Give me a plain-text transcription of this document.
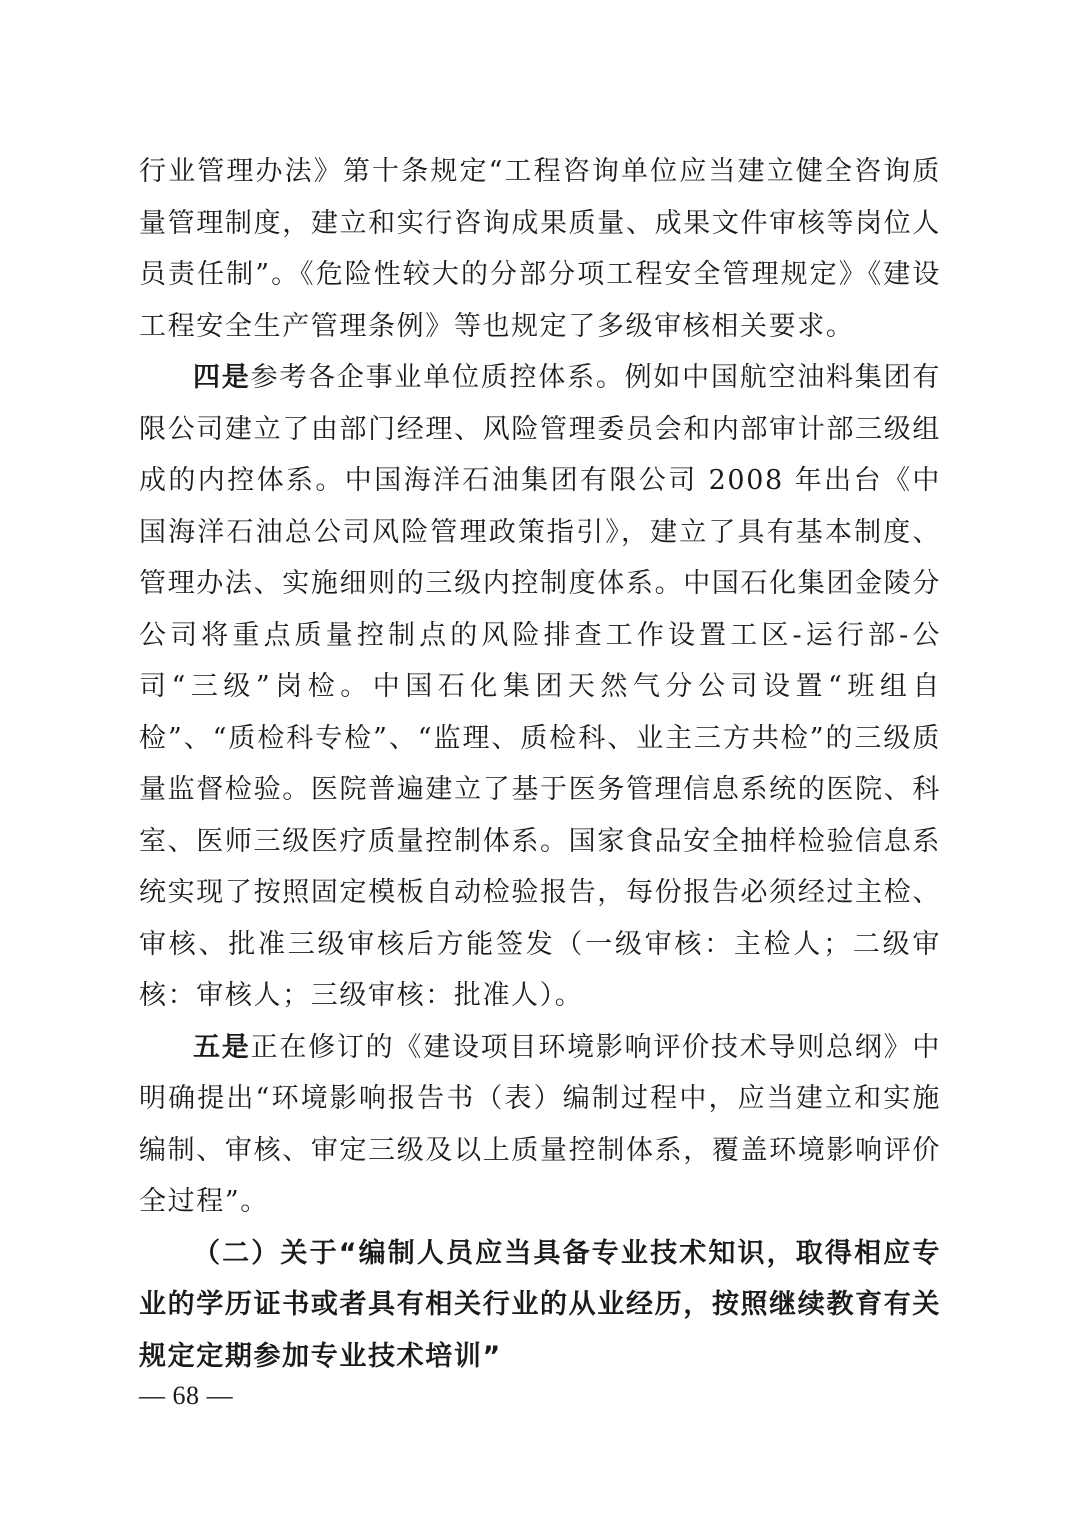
行业管理办法》第十条规定“工程咨询单位应当建立健全咨询质量管理制度，建立和实行咨询成果质量、成果文件审核等岗位人员责任制”。《危险性较大的分部分项工程安全管理规定》《建设工程安全生产管理条例》等也规定了多级审核相关要求。

四是参考各企事业单位质控体系。例如中国航空油料集团有限公司建立了由部门经理、风险管理委员会和内部审计部三级组成的内控体系。中国海洋石油集团有限公司 2008 年出台《中国海洋石油总公司风险管理政策指引》，建立了具有基本制度、管理办法、实施细则的三级内控制度体系。中国石化集团金陵分公司将重点质量控制点的风险排查工作设置工区-运行部-公司“三级”岗检。中国石化集团天然气分公司设置“班组自检”、“质检科专检”、“监理、质检科、业主三方共检”的三级质量监督检验。医院普遍建立了基于医务管理信息系统的医院、科室、医师三级医疗质量控制体系。国家食品安全抽样检验信息系统实现了按照固定模板自动检验报告，每份报告必须经过主检、审核、批准三级审核后方能签发（一级审核：主检人；二级审核：审核人；三级审核：批准人）。

五是正在修订的《建设项目环境影响评价技术导则总纲》中明确提出“环境影响报告书（表）编制过程中，应当建立和实施编制、审核、审定三级及以上质量控制体系，覆盖环境影响评价全过程”。

（二）关于“编制人员应当具备专业技术知识，取得相应专业的学历证书或者具有相关行业的从业经历，按照继续教育有关规定定期参加专业技术培训”

— 68 —
